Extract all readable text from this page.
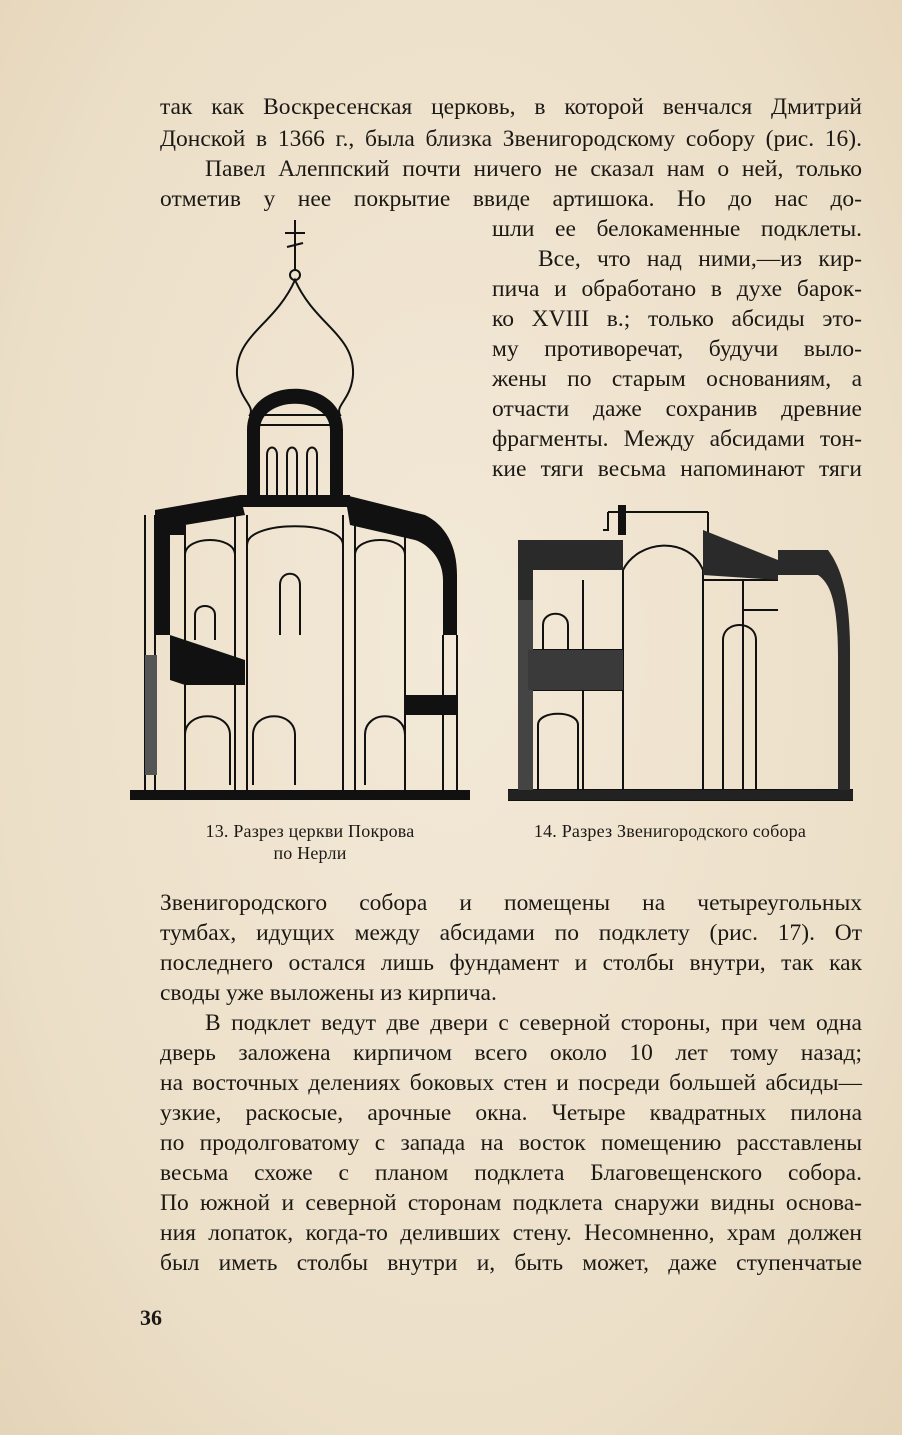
так как Воскресенская церковь, в которой венчался Дмитрий
Донской в 1366 г., была близка Звенигородскому собору (рис. 16).
Павел Алеппский почти ничего не сказал нам о ней, только
отметив у нее покрытие ввиде артишока. Но до нас до-
шли ее белокаменные подклеты.
Все, что над ними,—из кир-
пича и обработано в духе барок-
ко XVIII в.; только абсиды это-
му противоречат, будучи выло-
жены по старым основаниям, а
отчасти даже сохранив древние
фрагменты. Между абсидами тон-
кие тяги весьма напоминают тяги
13. Разрез церкви Покрова
по Нерли
14. Разрез Звенигородского собора
Звенигородского собора и помещены на четыреугольных
тумбах, идущих между абсидами по подклету (рис. 17). От
последнего остался лишь фундамент и столбы внутри, так как
своды уже выложены из кирпича.
В подклет ведут две двери с северной стороны, при чем одна
дверь заложена кирпичом всего около 10 лет тому назад;
на восточных делениях боковых стен и посреди большей абсиды—
узкие, раскосые, арочные окна. Четыре квадратных пилона
по продолговатому с запада на восток помещению расставлены
весьма схоже с планом подклета Благовещенского собора.
По южной и северной сторонам подклета снаружи видны основа-
ния лопаток, когда-то деливших стену. Несомненно, храм должен
был иметь столбы внутри и, быть может, даже ступенчатые
36
